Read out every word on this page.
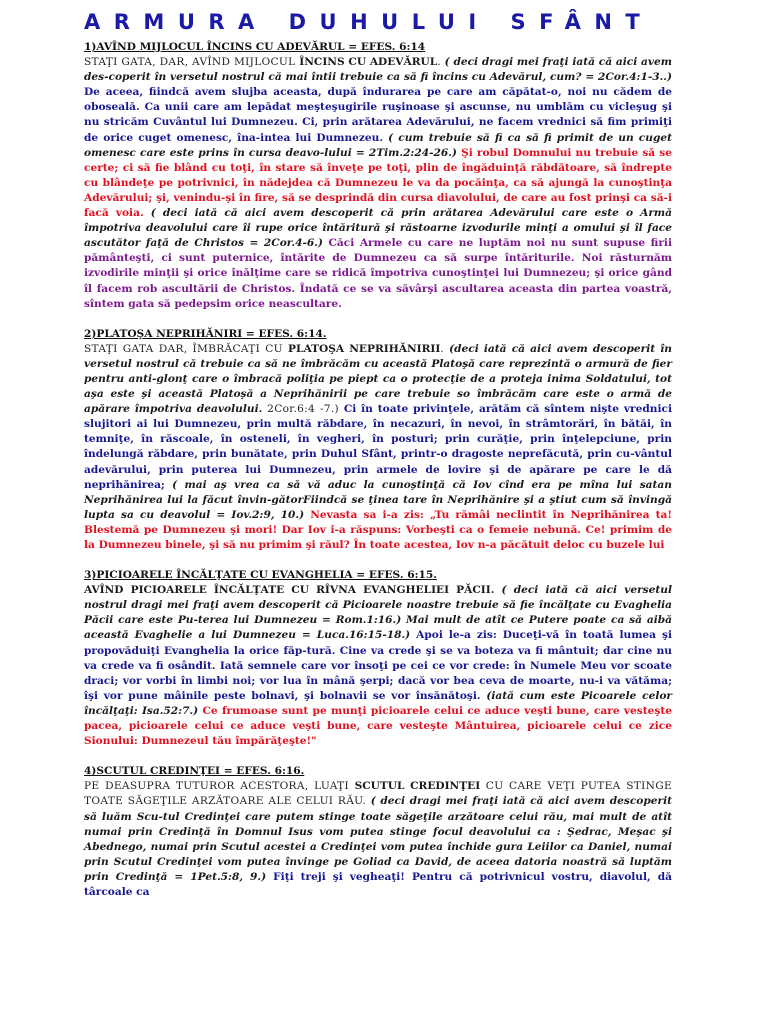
ARMURA DUHULUI SFÂNT
1)AVÎND MIJLOCUL ÎNCINS CU ADEVĂRUL = EFES. 6:14
STAŢI GATA, DAR, AVÎND MIJLOCUL ÎNCINS CU ADEVĂRUL. ( deci dragi mei fraţi iată că aici avem des-coperit în versetul nostrul că mai întii trebuie ca să fi încins cu Adevărul, cum? = 2Cor.4:1-3..) De aceea, fiindcă avem slujba aceasta, după îndurarea pe care am căpătat-o, noi nu cădem de oboseală. Ca unii care am lepădat meşteşugirile ruşinoase şi ascunse, nu umblăm cu vicleşug şi nu stricăm Cuvântul lui Dumnezeu. Ci, prin arătarea Adevărului, ne facem vrednici să fim primiţi de orice cuget omenesc, îna-intea lui Dumnezeu. ( cum trebuie să fi ca să fi primit de un cuget omenesc care este prins în cursa deavo-lului = 2Tim.2:24-26.) Şi robul Domnului nu trebuie să se certe; ci să fie blând cu toţi, în stare să înveţe pe toţi, plin de îngăduinţă răbdătoare, să îndrepte cu blândeţe pe potrivnici, în nădejdea că Dumnezeu le va da pocăinţa, ca să ajungă la cunoştinţa Adevărului; şi, venindu-şi în fire, să se desprindă din cursa diavolului, de care au fost prinşi ca să-i facă voia. ( deci iată că aici avem descoperit că prin arătarea Adevărului care este o Armă împotriva deavolului care îi rupe orice întăritură şi răstoarne izvodurile minţi a omului şi îl face ascutător faţă de Christos = 2Cor.4-6.) Căci Armele cu care ne luptăm noi nu sunt supuse firii pământeşti, ci sunt puternice, întărite de Dumnezeu ca să surpe întăriturile. Noi răsturnăm izvodirile minţii şi orice înălţime care se ridică împotriva cunoştinţei lui Dumnezeu; şi orice gând îl facem rob ascultării de Christos. Îndată ce se va săvârşi ascultarea aceasta din partea voastră, sîntem gata să pedepsim orice neascultare.
2)PLATOŞA NEPRIHĂNIRI = EFES. 6:14.
STAŢI GATA DAR, ÎMBRĂCAŢI CU PLATOŞA NEPRIHĂNIRII. (deci iată că aici avem descoperit în versetul nostrul că trebuie ca să ne îmbrăcăm cu această Platoşă care reprezintă o armură de fier pentru anti-glonţ care o îmbracă poliţia pe piept ca o protecţie de a proteja inima Soldatului, tot aşa este şi această Platoşă a Neprihănirii pe care trebuie so îmbrăcăm care este o armă de apărare împotriva deavolului. 2Cor.6:4 -7.) Ci în toate privinţele, arătăm că sîntem nişte vrednici slujitori ai lui Dumnezeu, prin multă răbdare, în necazuri, în nevoi, în strâmtorări, în bătăi, în temniţe, în răscoale, în osteneli, în vegheri, în posturi; prin curăţie, prin înţelepciune, prin îndelungă răbdare, prin bunătate, prin Duhul Sfânt, printr-o dragoste neprefăcută, prin cu-vântul adevărului, prin puterea lui Dumnezeu, prin armele de lovire şi de apărare pe care le dă neprihănirea; ( mai aş vrea ca să vă aduc la cunoştinţă că Iov cînd era pe mîna lui satan Neprihănirea lui la făcut învin-gătorFiindcă se ţinea tare în Neprihănire şi a ştiut cum să învingă lupta sa cu deavolul = Iov.2:9, 10.) Nevasta sa i-a zis: „Tu rămâi neclintit în Neprihănirea ta! Blestemă pe Dumnezeu şi mori! Dar Iov i-a răspuns: Vorbeşti ca o femeie nebună. Ce! primim de la Dumnezeu binele, şi să nu primim şi răul? În toate acestea, Iov n-a păcătuit deloc cu buzele lui
3)PICIOARELE ÎNCĂLŢATE CU EVANGHELIA = EFES. 6:15.
AVÎND PICIOARELE ÎNCĂLŢATE CU RÎVNA EVANGHELIEI PĂCII. ( deci iată că aici versetul nostrul dragi mei fraţi avem descoperit că Picioarele noastre trebuie să fie încălţate cu Evaghelia Păcii care este Pu-terea lui Dumnezeu = Rom.1:16.) Mai mult de atît ce Putere poate ca să aibă această Evaghelie a lui Dumnezeu = Luca.16:15-18.) Apoi le-a zis: Duceţi-vă în toată lumea şi propovăduiţi Evanghelia la orice făp-tură. Cine va crede şi se va boteza va fi mântuit; dar cine nu va crede va fi osândit. Iată semnele care vor însoţi pe cei ce vor crede: în Numele Meu vor scoate draci; vor vorbi în limbi noi; vor lua în mână şerpi; dacă vor bea ceva de moarte, nu-i va vătăma; îşi vor pune mâinile peste bolnavi, şi bolnavii se vor însănătoşi. (iată cum este Picoarele celor încălţaţi: Isa.52:7.) Ce frumoase sunt pe munţi picioarele celui ce aduce veşti bune, care vesteşte pacea, picioarele celui ce aduce veşti bune, care vesteşte Mântuirea, picioarele celui ce zice Sionului: Dumnezeul tău împărăţeşte!"
4)SCUTUL CREDINŢEI = EFES. 6:16.
PE DEASUPRA TUTUROR ACESTORA, LUAŢI SCUTUL CREDINŢEI CU CARE VEŢI PUTEA STINGE TOATE SĂGEŢILE ARZĂTOARE ALE CELUI RĂU. ( deci dragi mei fraţi iată că aici avem descoperit să luăm Scu-tul Credinţei care putem stinge toate săgeţile arzătoare celui rău, mai mult de atît numai prin Credinţă în Domnul Isus vom putea stinge focul deavolului ca : Şedrac, Meşac şi Abednego, numai prin Scutul acestei a Credinţei vom putea închide gura Leiilor ca Daniel, numai prin Scutul Credinţei vom putea învinge pe Goliad ca David, de aceea datoria noastră să luptăm prin Credinţă = 1Pet.5:8, 9.) Fiţi treji şi vegheaţi! Pentru că potrivnicul vostru, diavolul, dă târcoale ca
